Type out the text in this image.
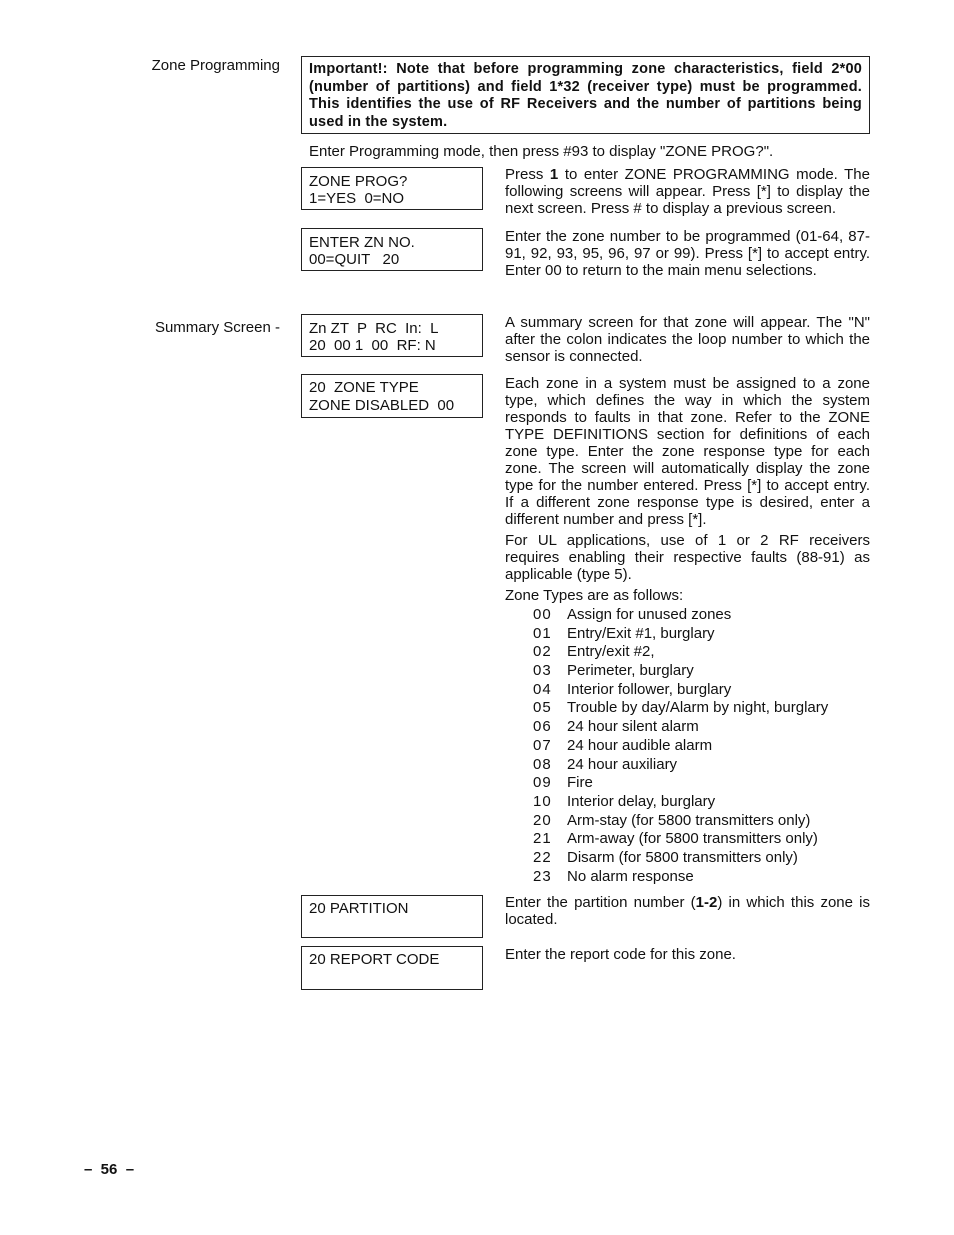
Zone Programming
Summary Screen -
Important!: Note that before programming zone characteristics, field 2*00 (number of partitions) and field 1*32 (receiver type) must be programmed. This identifies the use of RF Receivers and the number of partitions being used in the system.
Enter Programming mode, then press #93 to display "ZONE PROG?".
ZONE PROG?
1=YES  0=NO
ENTER ZN NO.
00=QUIT   20
Zn ZT  P  RC  In:  L
20  00 1  00  RF: N
20  ZONE TYPE
ZONE DISABLED  00
20 PARTITION
20 REPORT CODE

Press 1 to enter ZONE PROGRAMMING mode. The following screens will appear. Press [*] to display the next screen. Press # to display a previous screen.

Enter the zone number to be programmed (01-64, 87-91, 92, 93, 95, 96, 97 or 99). Press [*] to accept entry. Enter 00 to return to the main menu selections.
A summary screen for that zone will appear. The "N" after the colon indicates the loop number to which the sensor is connected.
Each zone in a system must be assigned to a zone type, which defines the way in which the system responds to faults in that zone. Refer to the ZONE TYPE DEFINITIONS section for definitions of each zone type. Enter the zone response type for each zone. The screen will automatically display the zone type for the number entered. Press [*] to accept entry. If a different zone response type is desired, enter a different number and press [*].
For UL applications, use of 1 or 2 RF receivers requires enabling their respective faults (88-91) as applicable (type 5).
Zone Types are as follows:
00 Assign for unused zones
01 Entry/Exit #1, burglary
02 Entry/exit #2,
03 Perimeter, burglary
04 Interior follower, burglary
05 Trouble by day/Alarm by night, burglary
06 24 hour silent alarm
07 24 hour audible alarm
08 24 hour auxiliary
09 Fire
10 Interior delay, burglary
20 Arm-stay (for 5800 transmitters only)
21 Arm-away (for 5800 transmitters only)
22 Disarm (for 5800 transmitters only)
23 No alarm response

Enter the partition number (1-2) in which this zone is located.

Enter the report code for this zone.
–  56  –
